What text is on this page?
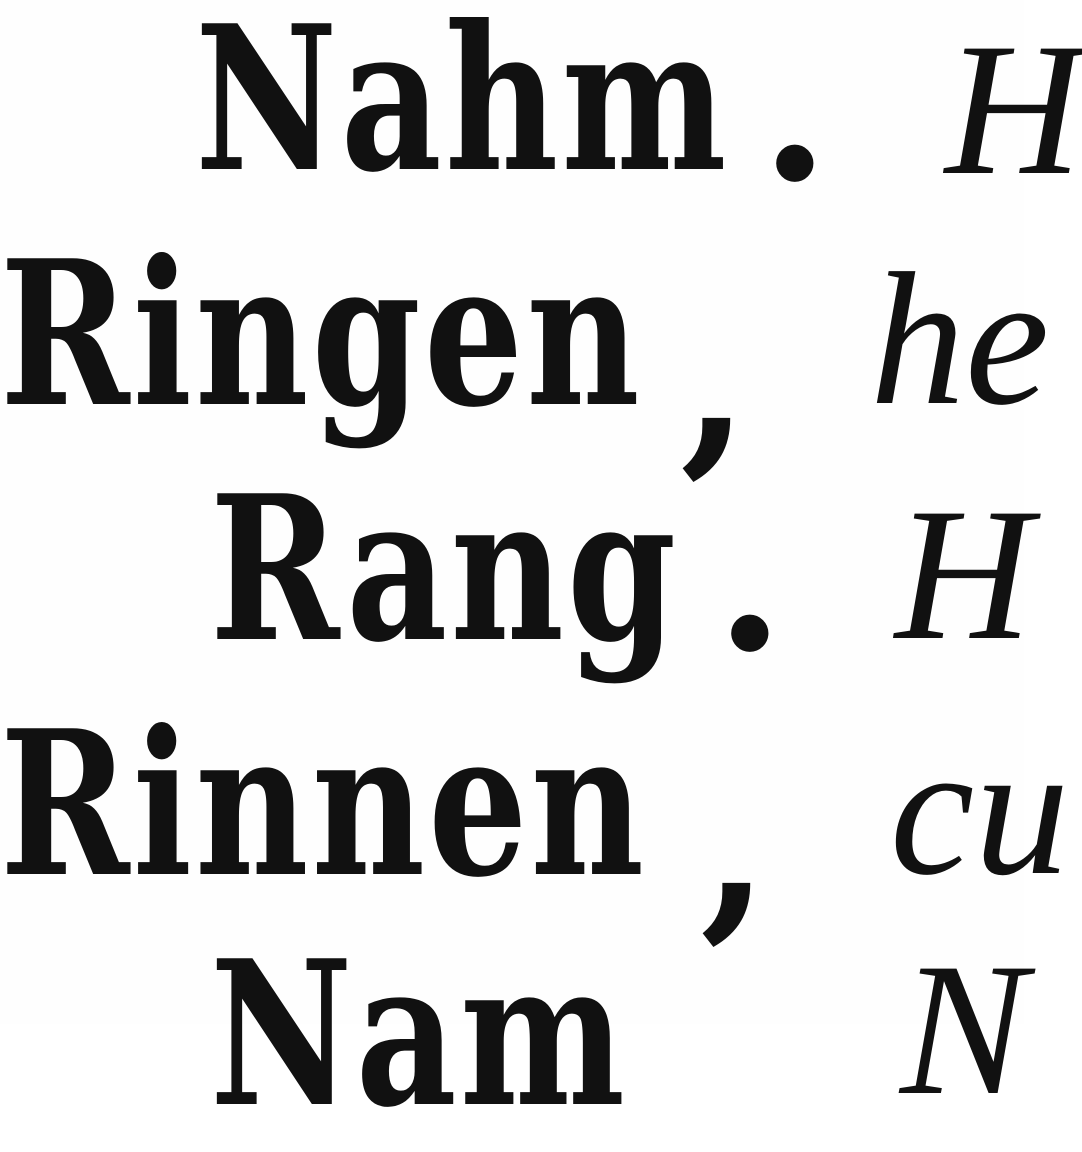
Nahm . H
Ringen , he
Rang . H
Rinnen , cu
Nam N
